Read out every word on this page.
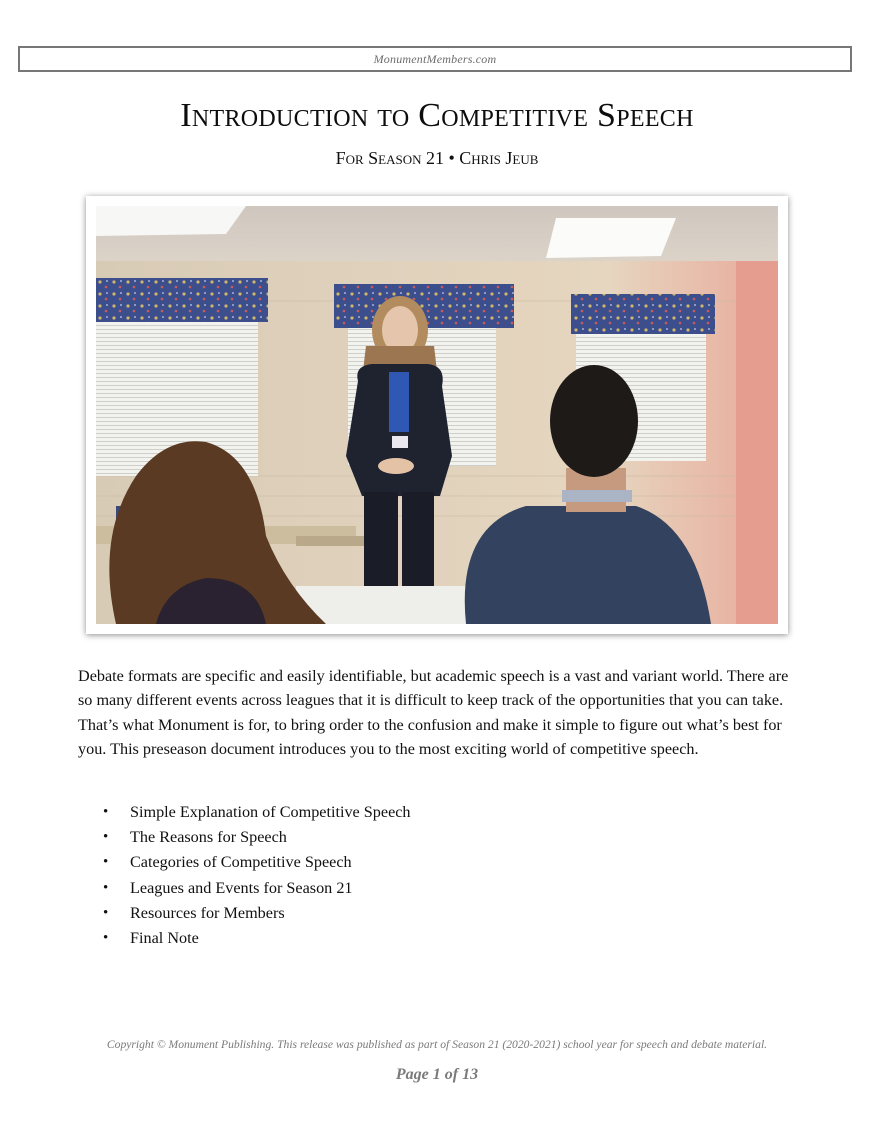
MonumentMembers.com
Introduction to Competitive Speech
For Season 21 • Chris Jeub
Debate formats are specific and easily identifiable, but academic speech is a vast and variant world. There are so many different events across leagues that it is difficult to keep track of the opportunities that you can take. That’s what Monument is for, to bring order to the confusion and make it simple to figure out what’s best for you. This preseason document introduces you to the most exciting world of competitive speech.
• Simple Explanation of Competitive Speech
• The Reasons for Speech
• Categories of Competitive Speech
• Leagues and Events for Season 21
• Resources for Members
• Final Note
Copyright © Monument Publishing. This release was published as part of Season 21 (2020-2021) school year for speech and debate material.
Page 1 of 13
